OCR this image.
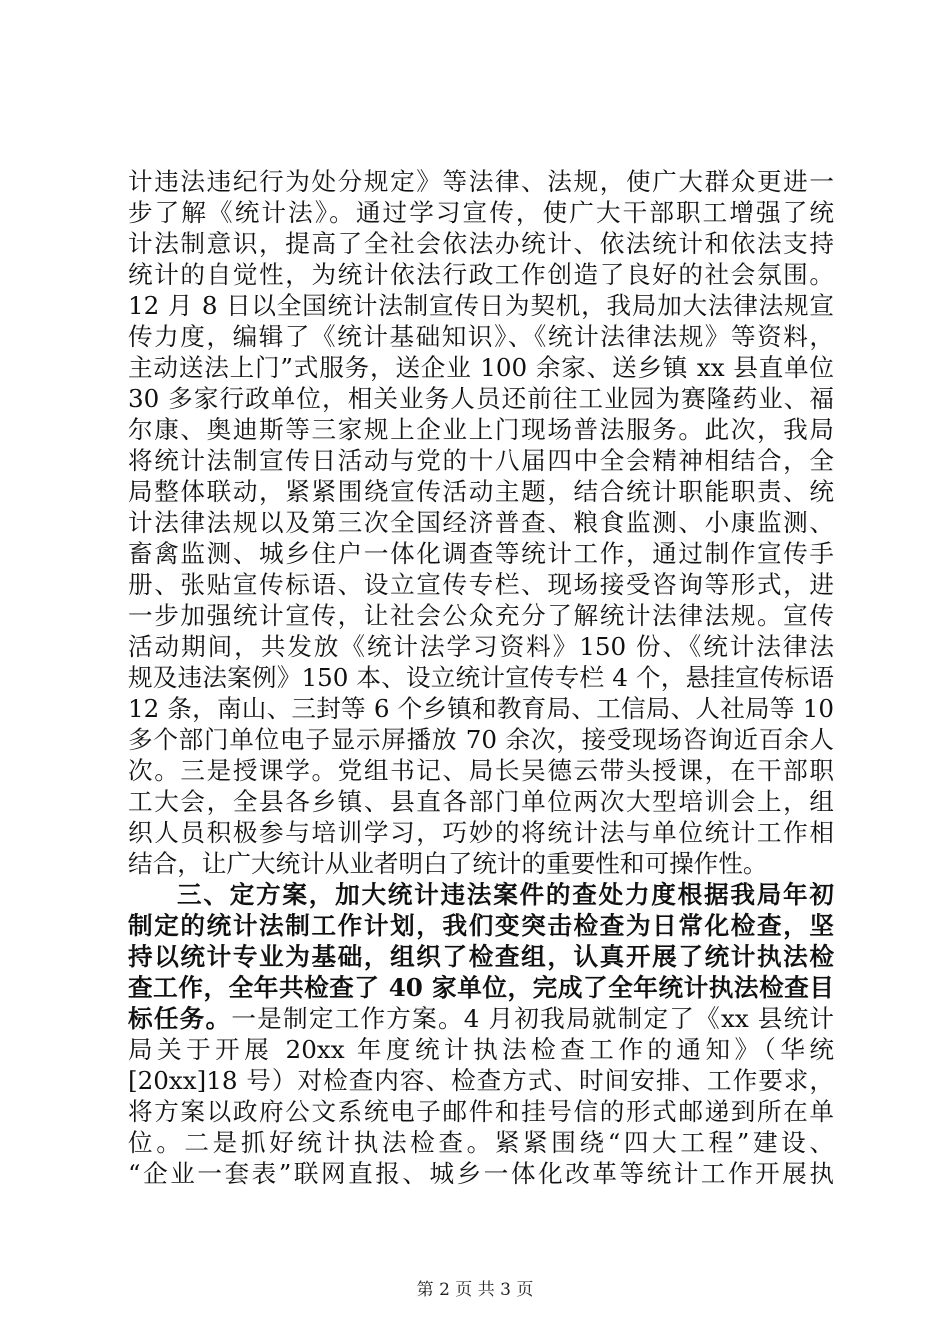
计违法违纪行为处分规定》等法律、法规，使广大群众更进一
步了解《统计法》。通过学习宣传，使广大干部职工增强了统
计法制意识，提高了全社会依法办统计、依法统计和依法支持
统计的自觉性，为统计依法行政工作创造了良好的社会氛围。
12 月 8 日以全国统计法制宣传日为契机，我局加大法律法规宣
传力度，编辑了《统计基础知识》、《统计法律法规》等资料，
主动送法上门”式服务，送企业 100 余家、送乡镇 xx 县直单位
30 多家行政单位，相关业务人员还前往工业园为赛隆药业、福
尔康、奥迪斯等三家规上企业上门现场普法服务。此次，我局
将统计法制宣传日活动与党的十八届四中全会精神相结合，全
局整体联动，紧紧围绕宣传活动主题，结合统计职能职责、统
计法律法规以及第三次全国经济普查、粮食监测、小康监测、
畜禽监测、城乡住户一体化调查等统计工作，通过制作宣传手
册、张贴宣传标语、设立宣传专栏、现场接受咨询等形式，进
一步加强统计宣传，让社会公众充分了解统计法律法规。宣传
活动期间，共发放《统计法学习资料》150 份、《统计法律法
规及违法案例》150 本、设立统计宣传专栏 4 个，悬挂宣传标语
12 条，南山、三封等 6 个乡镇和教育局、工信局、人社局等 10
多个部门单位电子显示屏播放 70 余次，接受现场咨询近百余人
次。三是授课学。党组书记、局长吴德云带头授课，在干部职
工大会，全县各乡镇、县直各部门单位两次大型培训会上，组
织人员积极参与培训学习，巧妙的将统计法与单位统计工作相
结合，让广大统计从业者明白了统计的重要性和可操作性。
三、定方案，加大统计违法案件的查处力度根据我局年初
制定的统计法制工作计划，我们变突击检查为日常化检查，坚
持以统计专业为基础，组织了检查组，认真开展了统计执法检
查工作，全年共检查了 40 家单位，完成了全年统计执法检查目
标任务。一是制定工作方案。4 月初我局就制定了《xx 县统计
局关于开展 20xx 年度统计执法检查工作的通知》（华统
[20xx]18 号）对检查内容、检查方式、时间安排、工作要求，
将方案以政府公文系统电子邮件和挂号信的形式邮递到所在单
位。二是抓好统计执法检查。紧紧围绕“四大工程”建设、
“企业一套表”联网直报、城乡一体化改革等统计工作开展执
第 2 页 共 3 页
